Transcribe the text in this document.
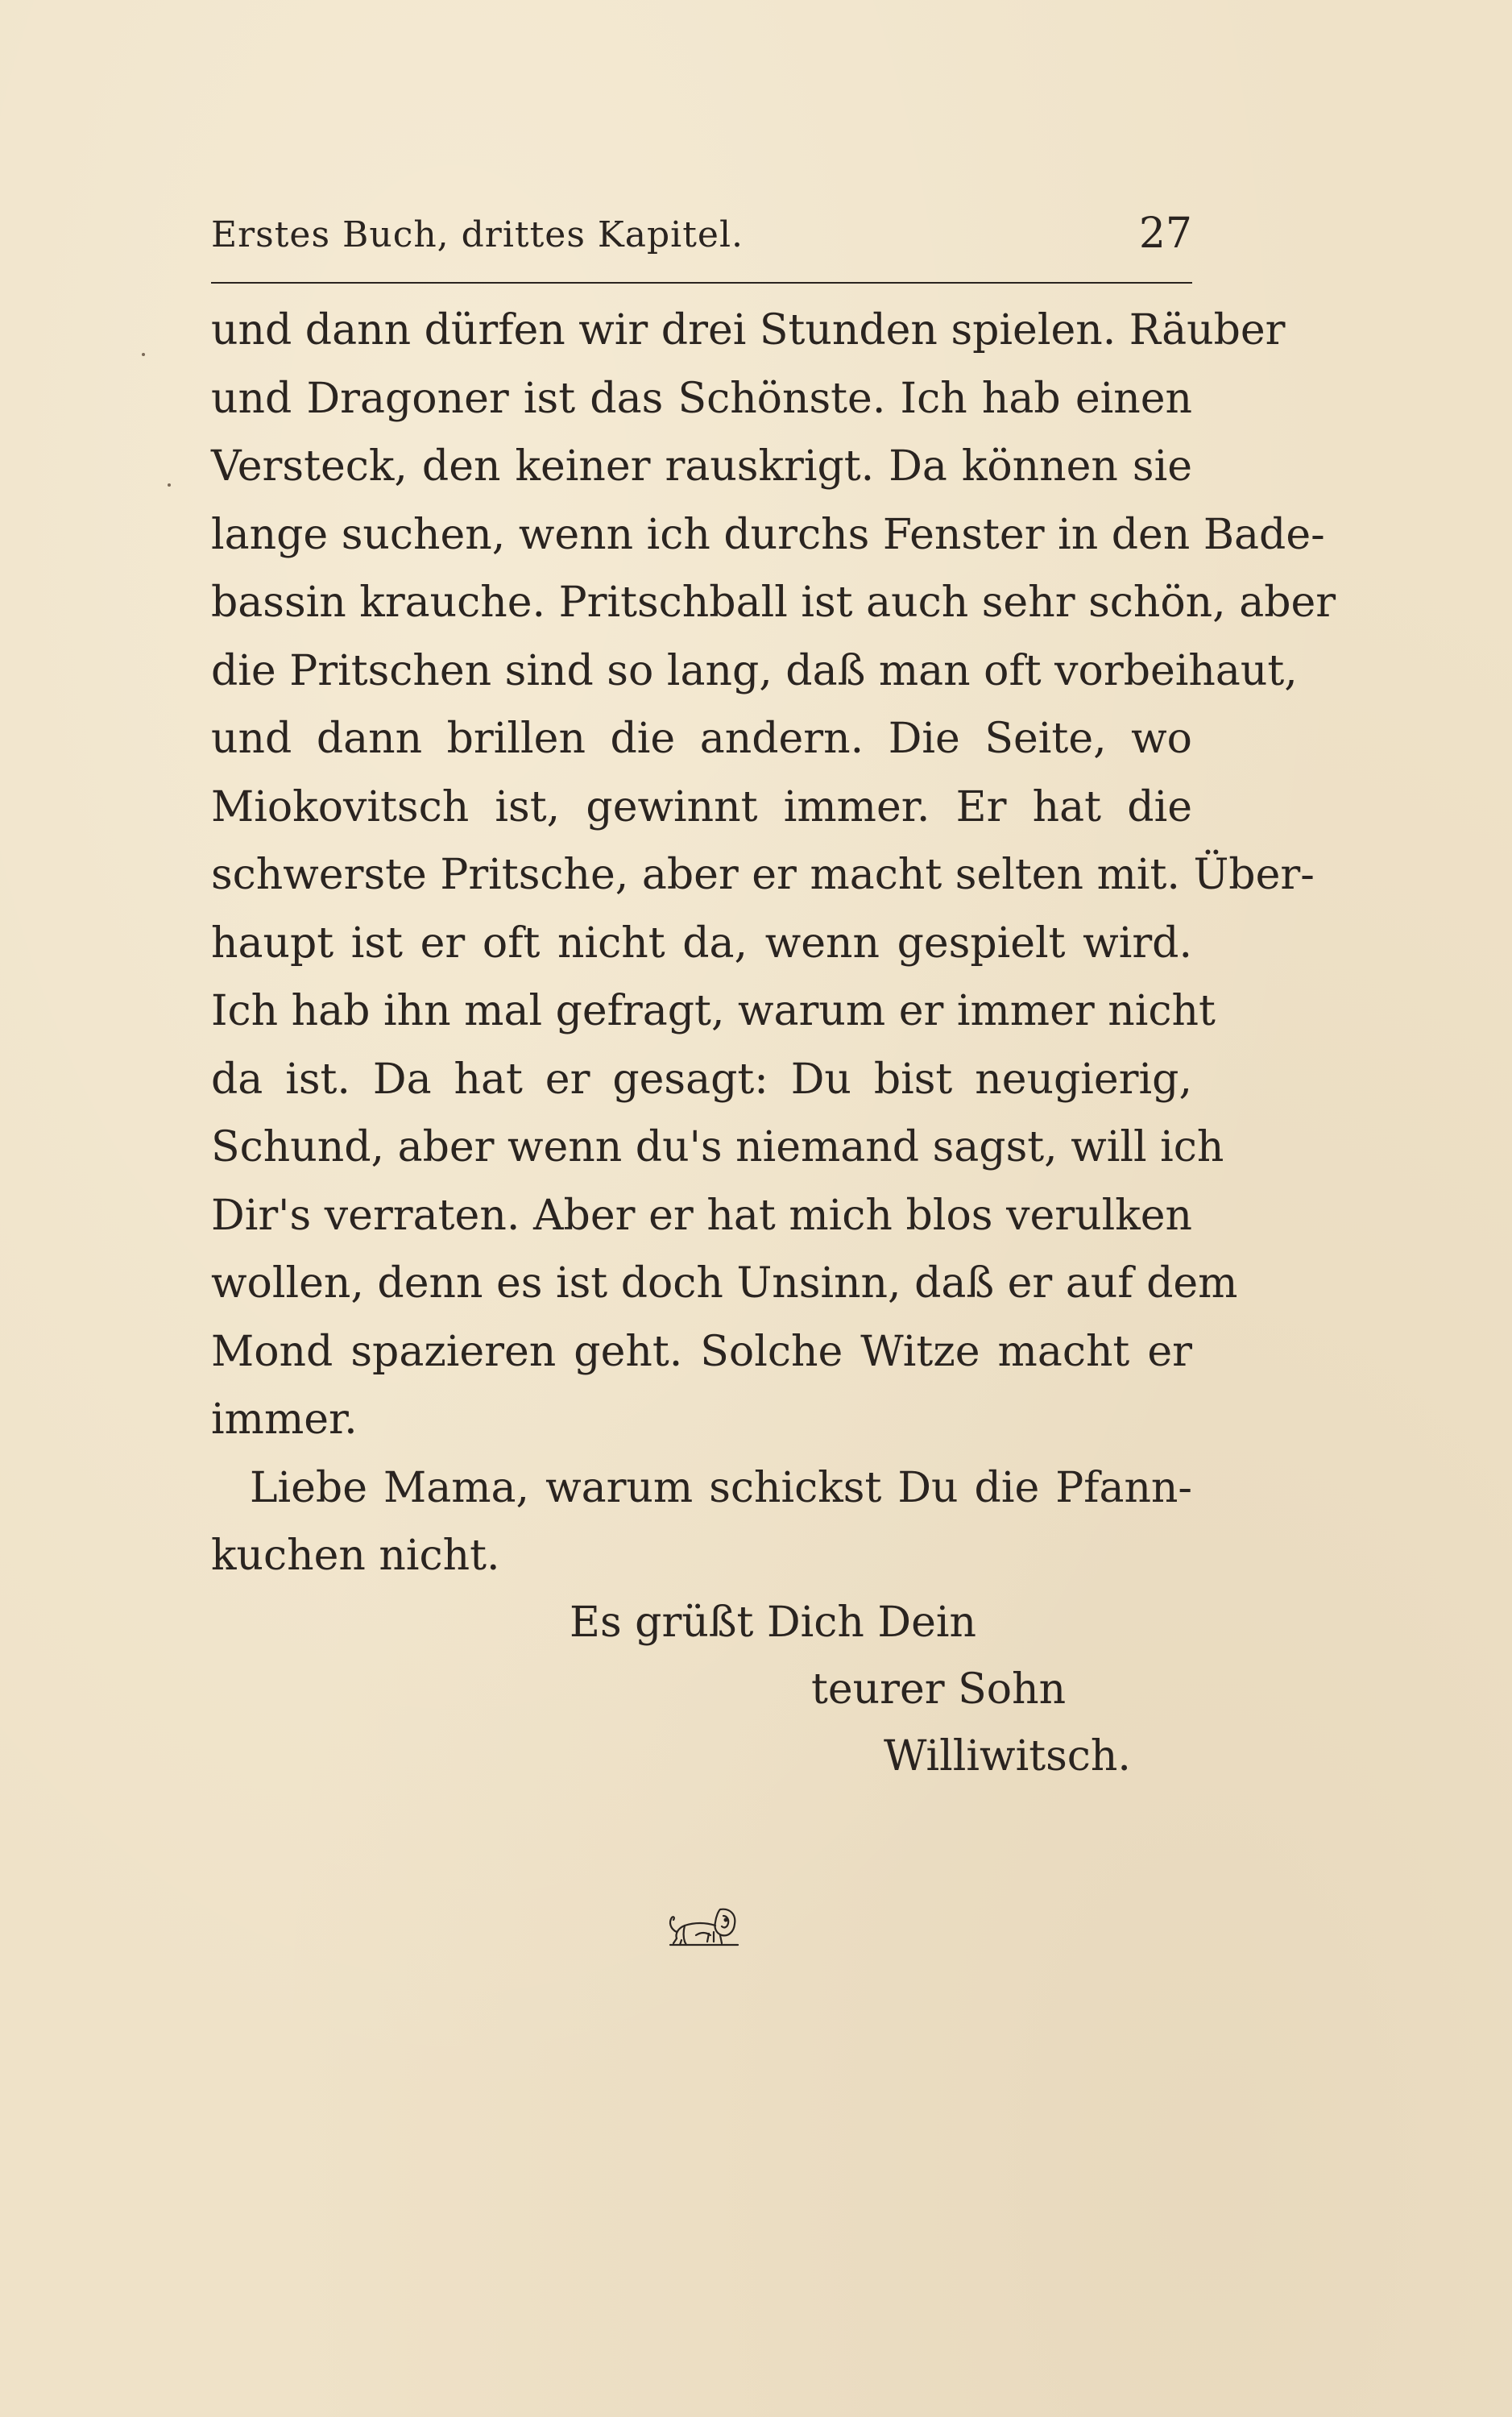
Erstes Buch, drittes Kapitel.	27
und dann dürfen wir drei Stunden spielen. Räuber
und Dragoner ist das Schönste. Ich hab einen
Versteck, den keiner rauskrigt. Da können sie
lange suchen, wenn ich durchs Fenster in den Bade-
bassin krauche. Pritschball ist auch sehr schön, aber
die Pritschen sind so lang, daß man oft vorbeihaut,
und dann brillen die andern. Die Seite, wo
Miokovitsch ist, gewinnt immer. Er hat die
schwerste Pritsche, aber er macht selten mit. Über-
haupt ist er oft nicht da, wenn gespielt wird.
Ich hab ihn mal gefragt, warum er immer nicht
da ist. Da hat er gesagt: Du bist neugierig,
Schund, aber wenn du's niemand sagst, will ich
Dir's verraten. Aber er hat mich blos verulken
wollen, denn es ist doch Unsinn, daß er auf dem
Mond spazieren geht. Solche Witze macht er
immer.
Liebe Mama, warum schickst Du die Pfann-
kuchen nicht.
Es grüßt Dich Dein
teurer Sohn
Williwitsch.
